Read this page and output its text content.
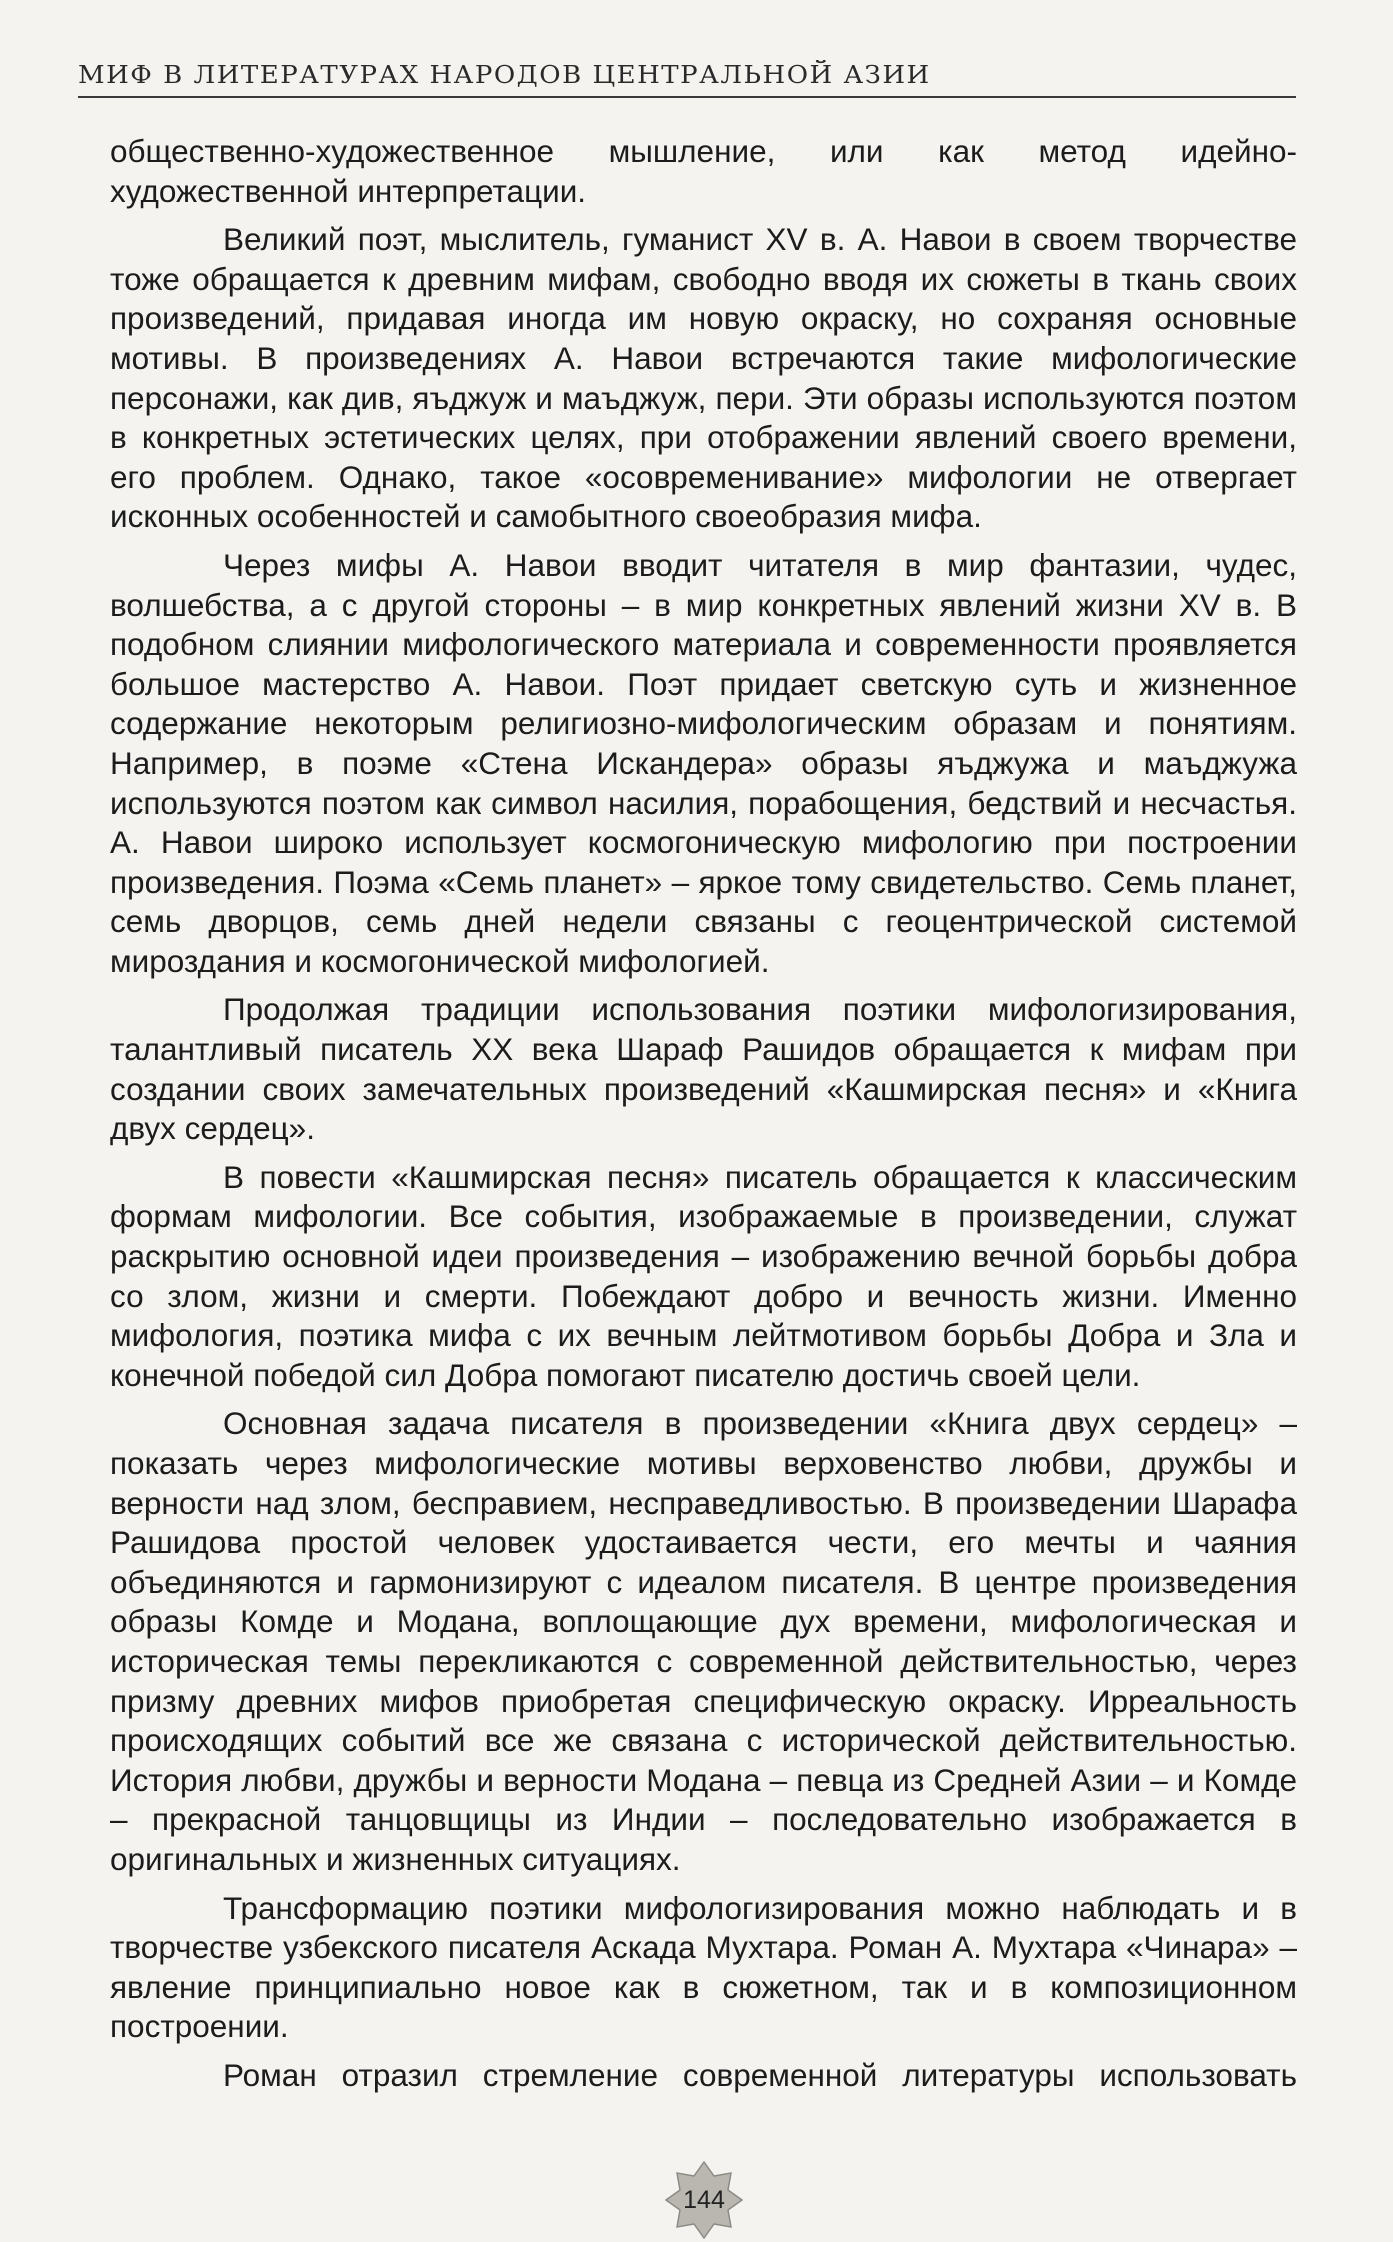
МИФ В ЛИТЕРАТУРАХ НАРОДОВ ЦЕНТРАЛЬНОЙ АЗИИ

общественно-художественное мышление, или как метод идейно-художественной интерпретации.

Великий поэт, мыслитель, гуманист XV в. А. Навои в своем творчестве тоже обращается к древним мифам, свободно вводя их сюжеты в ткань своих произведений, придавая иногда им новую окраску, но сохраняя основные мотивы. В произведениях А. Навои встречаются такие мифологические персонажи, как див, яъджуж и маъджуж, пери. Эти образы используются поэтом в конкретных эстетических целях, при отображении явлений своего времени, его проблем. Однако, такое «осовременивание» мифологии не отвергает исконных особенностей и самобытного своеобразия мифа.

Через мифы А. Навои вводит читателя в мир фантазии, чудес, волшебства, а с другой стороны – в мир конкретных явлений жизни XV в. В подобном слиянии мифологического материала и современности проявляется большое мастерство А. Навои. Поэт придает светскую суть и жизненное содержание некоторым религиозно-мифологическим образам и понятиям. Например, в поэме «Стена Искандера» образы яъджужа и маъджужа используются поэтом как символ насилия, порабощения, бедствий и несчастья. А. Навои широко использует космогоническую мифологию при построении произведения. Поэма «Семь планет» – яркое тому свидетельство. Семь планет, семь дворцов, семь дней недели связаны с геоцентрической системой мироздания и космогонической мифологией.

Продолжая традиции использования поэтики мифологизирования, талантливый писатель XX века Шараф Рашидов обращается к мифам при создании своих замечательных произведений «Кашмирская песня» и «Книга двух сердец».

В повести «Кашмирская песня» писатель обращается к классическим формам мифологии. Все события, изображаемые в произведении, служат раскрытию основной идеи произведения – изображению вечной борьбы добра со злом, жизни и смерти. Побеждают добро и вечность жизни. Именно мифология, поэтика мифа с их вечным лейтмотивом борьбы Добра и Зла и конечной победой сил Добра помогают писателю достичь своей цели.

Основная задача писателя в произведении «Книга двух сердец» – показать через мифологические мотивы верховенство любви, дружбы и верности над злом, бесправием, несправедливостью. В произведении Шарафа Рашидова простой человек удостаивается чести, его мечты и чаяния объединяются и гармонизируют с идеалом писателя. В центре произведения образы Комде и Модана, воплощающие дух времени, мифологическая и историческая темы перекликаются с современной действительностью, через призму древних мифов приобретая специфическую окраску. Ирреальность происходящих событий все же связана с исторической действительностью. История любви, дружбы и верности Модана – певца из Средней Азии – и Комде – прекрасной танцовщицы из Индии – последовательно изображается в оригинальных и жизненных ситуациях.

Трансформацию поэтики мифологизирования можно наблюдать и в творчестве узбекского писателя Аскада Мухтара. Роман А. Мухтара «Чинара» – явление принципиально новое как в сюжетном, так и в композиционном построении.

Роман отразил стремление современной литературы использовать

144
